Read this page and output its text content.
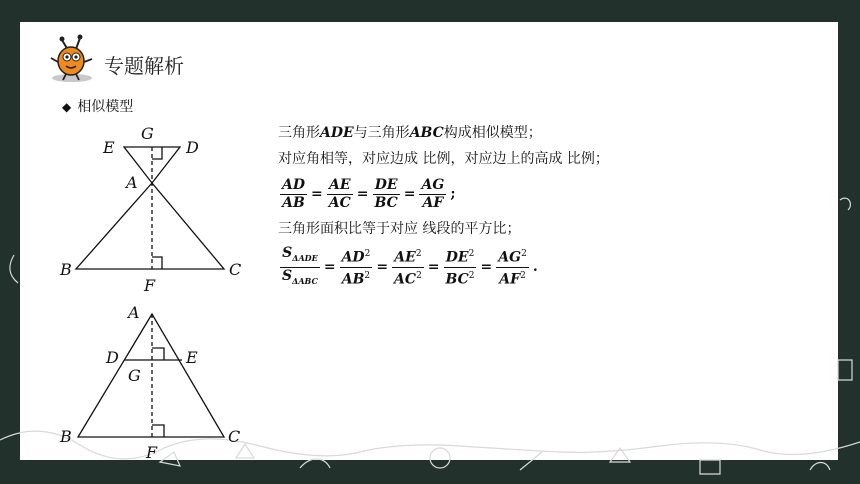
专题解析
◆ 相似模型
E
G
D
A
B
F
C
A
D	E
G
B
F
C
三角形ADE与三角形ABC构成相似模型；
对应角相等，对应边成 比例，对应边上的高成 比例；
$\frac{AD}{AB} = \frac{AE}{AC} = \frac{DE}{BC} = \frac{AG}{AF}$ ;
三角形面积比等于对应 线段的平方比；
$\frac{S_{\Delta ADE}}{S_{\Delta ABC}} = \frac{AD^2}{AB^2} = \frac{AE^2}{AC^2} = \frac{DE^2}{BC^2} = \frac{AG^2}{AF^2}$ .
